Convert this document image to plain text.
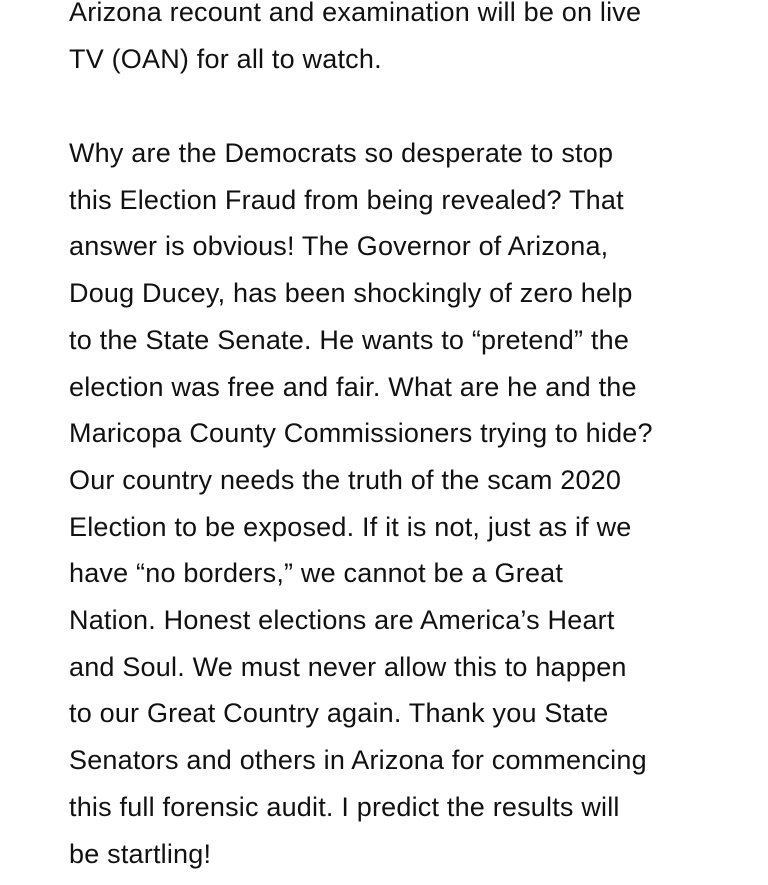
Arizona recount and examination will be on live
TV (OAN) for all to watch.
Why are the Democrats so desperate to stop
this Election Fraud from being revealed? That
answer is obvious! The Governor of Arizona,
Doug Ducey, has been shockingly of zero help
to the State Senate. He wants to “pretend” the
election was free and fair. What are he and the
Maricopa County Commissioners trying to hide?
Our country needs the truth of the scam 2020
Election to be exposed. If it is not, just as if we
have “no borders,” we cannot be a Great
Nation. Honest elections are America’s Heart
and Soul. We must never allow this to happen
to our Great Country again. Thank you State
Senators and others in Arizona for commencing
this full forensic audit. I predict the results will
be startling!
